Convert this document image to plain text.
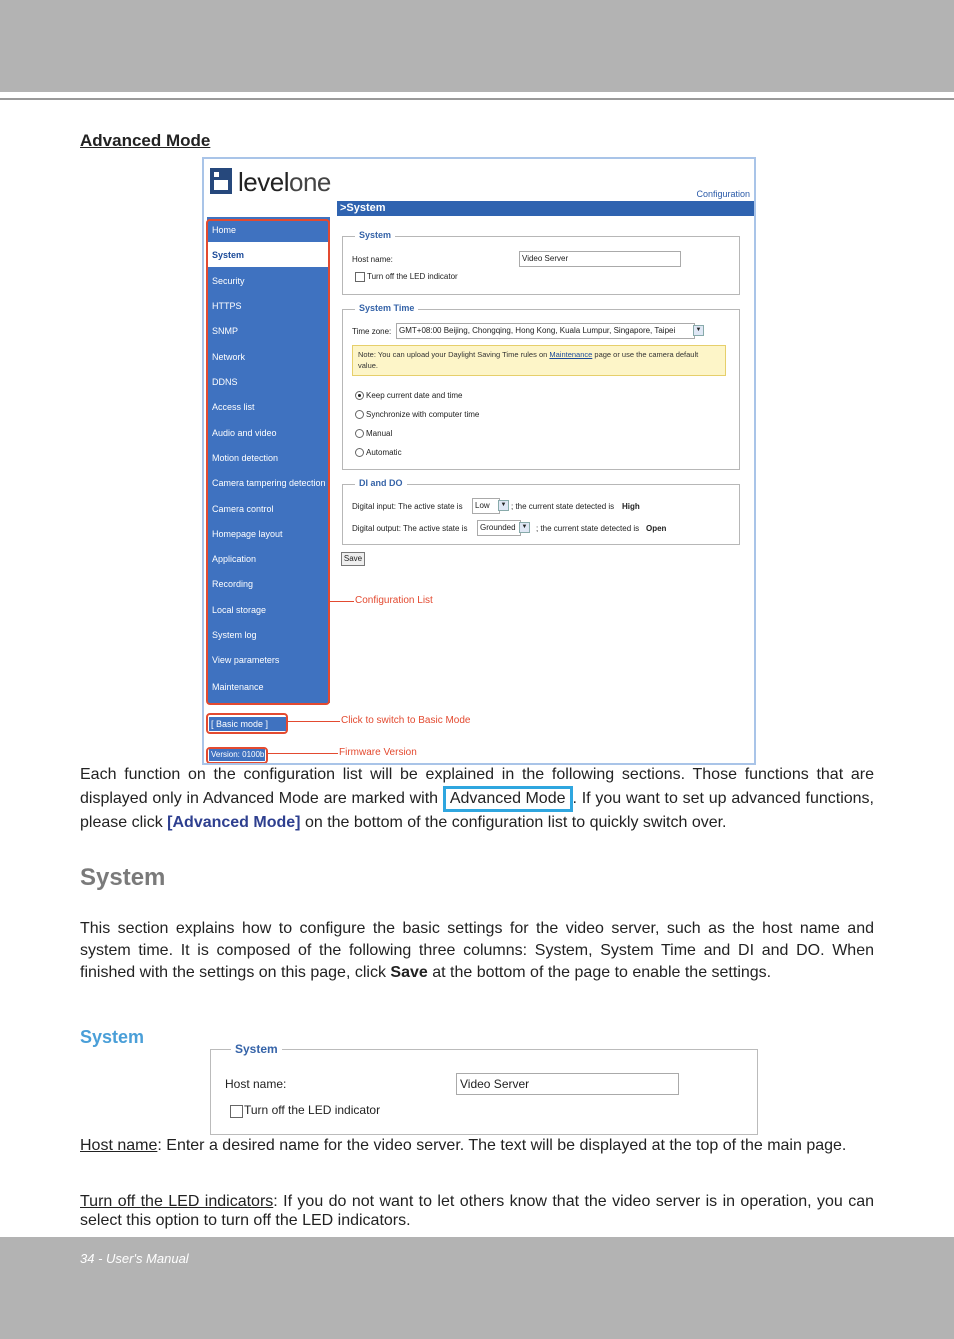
Advanced Mode
levelone	Configuration
>System
Home
System
Security
HTTPS
SNMP
Network
DDNS
Access list
Audio and video
Motion detection
Camera tampering detection
Camera control
Homepage layout
Application
Recording
Local storage
System log
View parameters
Maintenance
[ Basic mode ]
Version: 0100b
Configuration List
Click to switch to Basic Mode
Firmware Version
System
Host name:	Video Server
Turn off the LED indicator
System Time
Time zone: GMT+08:00 Beijing, Chongqing, Hong Kong, Kuala Lumpur, Singapore, Taipei	▼
Keep current date and time
Synchronize with computer time
Manual
Automatic
Note: You can upload your Daylight Saving Time rules on Maintenance page or use the camera default value.
DI and DO
Digital input: The active state is	Low	▼ ; the current state detected is High
Digital output: The active state is	Grounded ▼	; the current state detected is Open
Save
Each function on the configuration list will be explained in the following sections. Those functions that are displayed only in Advanced Mode are marked with Advanced Mode . If you want to set up advanced functions, please click [Advanced Mode] on the bottom of the configuration list to quickly switch over.
System
This section explains how to configure the basic settings for the video server, such as the host name and system time. It is composed of the following three columns: System, System Time and DI and DO. When finished with the settings on this page, click Save at the bottom of the page to enable the settings.
System
System
Host name:	Video Server
Turn off the LED indicator
Host name: Enter a desired name for the video server. The text will be displayed at the top of the main page.
Turn off the LED indicators: If you do not want to let others know that the video server is in operation, you can select this option to turn off the LED indicators.
34 - User's Manual
